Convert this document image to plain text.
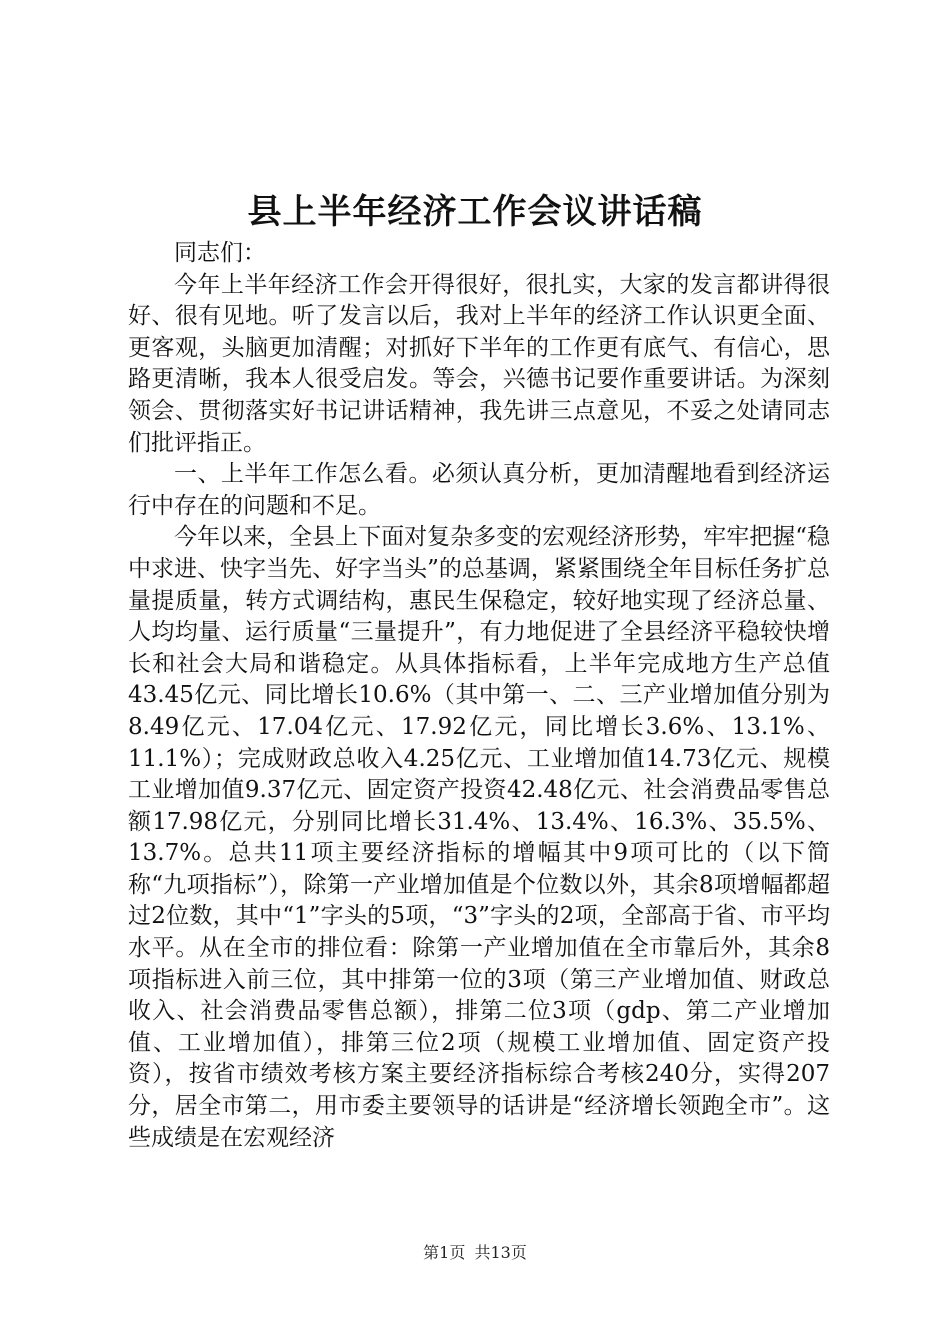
县上半年经济工作会议讲话稿

同志们：

今年上半年经济工作会开得很好，很扎实，大家的发言都讲得很好、很有见地。听了发言以后，我对上半年的经济工作认识更全面、更客观，头脑更加清醒；对抓好下半年的工作更有底气、有信心，思路更清晰，我本人很受启发。等会，兴德书记要作重要讲话。为深刻领会、贯彻落实好书记讲话精神，我先讲三点意见，不妥之处请同志们批评指正。

一、上半年工作怎么看。必须认真分析，更加清醒地看到经济运行中存在的问题和不足。

今年以来，全县上下面对复杂多变的宏观经济形势，牢牢把握“稳中求进、快字当先、好字当头”的总基调，紧紧围绕全年目标任务扩总量提质量，转方式调结构，惠民生保稳定，较好地实现了经济总量、人均均量、运行质量“三量提升”，有力地促进了全县经济平稳较快增长和社会大局和谐稳定。从具体指标看，上半年完成地方生产总值43.45亿元、同比增长10.6%（其中第一、二、三产业增加值分别为8.49亿元、17.04亿元、17.92亿元，同比增长3.6%、13.1%、11.1%）；完成财政总收入4.25亿元、工业增加值14.73亿元、规模工业增加值9.37亿元、固定资产投资42.48亿元、社会消费品零售总额17.98亿元，分别同比增长31.4%、13.4%、16.3%、35.5%、13.7%。总共11项主要经济指标的增幅其中9项可比的（以下简称“九项指标”），除第一产业增加值是个位数以外，其余8项增幅都超过2位数，其中“1”字头的5项，“3”字头的2项，全部高于省、市平均水平。从在全市的排位看：除第一产业增加值在全市靠后外，其余8项指标进入前三位，其中排第一位的3项（第三产业增加值、财政总收入、社会消费品零售总额），排第二位3项（gdp、第二产业增加值、工业增加值），排第三位2项（规模工业增加值、固定资产投资），按省市绩效考核方案主要经济指标综合考核240分，实得207分，居全市第二，用市委主要领导的话讲是“经济增长领跑全市”。这些成绩是在宏观经济

第1页 共13页
